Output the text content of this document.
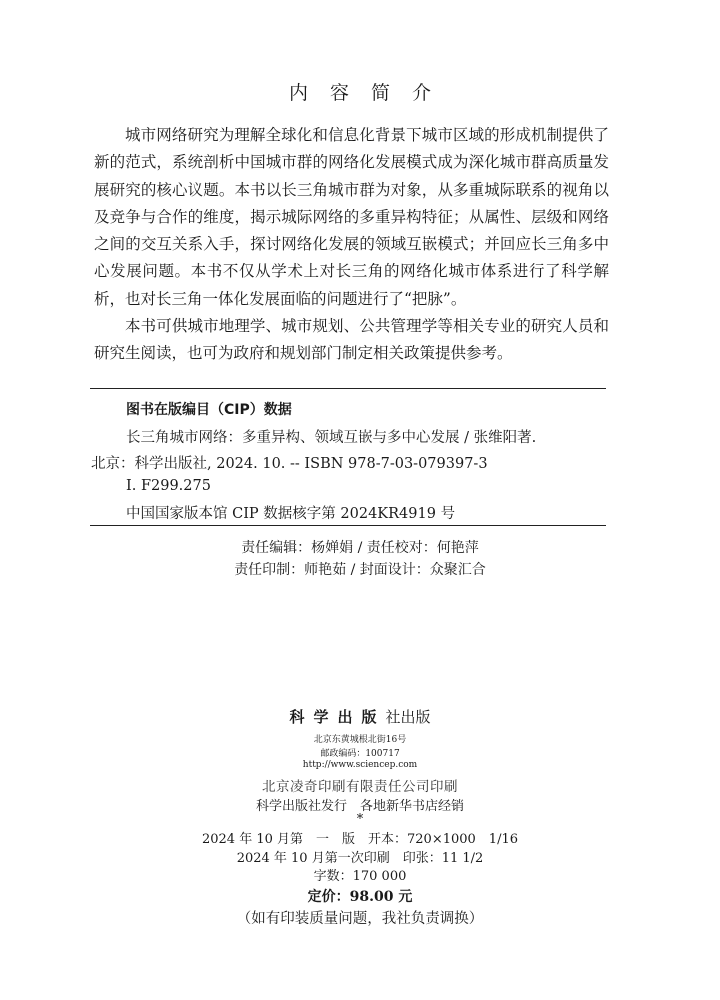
内容简介

城市网络研究为理解全球化和信息化背景下城市区域的形成机制提供了新的范式，系统剖析中国城市群的网络化发展模式成为深化城市群高质量发展研究的核心议题。本书以长三角城市群为对象，从多重城际联系的视角以及竞争与合作的维度，揭示城际网络的多重异构特征；从属性、层级和网络之间的交互关系入手，探讨网络化发展的领域互嵌模式；并回应长三角多中心发展问题。本书不仅从学术上对长三角的网络化城市体系进行了科学解析，也对长三角一体化发展面临的问题进行了“把脉”。

本书可供城市地理学、城市规划、公共管理学等相关专业的研究人员和研究生阅读，也可为政府和规划部门制定相关政策提供参考。

图书在版编目（CIP）数据
长三角城市网络：多重异构、领域互嵌与多中心发展 / 张维阳著.
北京：科学出版社, 2024. 10. -- ISBN 978-7-03-079397-3
Ⅰ. F299.275
中国国家版本馆 CIP 数据核字第 2024KR4919 号
责任编辑：杨婵娟 / 责任校对：何艳萍
责任印制：师艳茹 / 封面设计：众聚汇合
科学出版社出版
北京东黄城根北街16号
邮政编码：100717
http://www.sciencep.com
北京凌奇印刷有限责任公司印刷
科学出版社发行　各地新华书店经销
*
2024 年 10 月第　一　版　开本：720×1000　1/16
2024 年 10 月第一次印刷　印张：11 1/2
字数：170 000
定价：98.00 元
（如有印装质量问题，我社负责调换）
